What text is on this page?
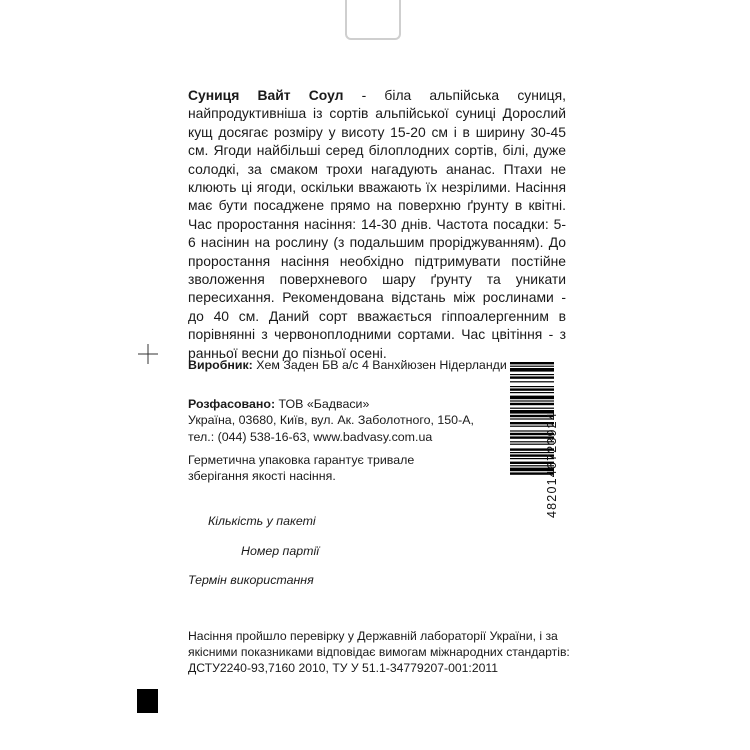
Суниця Вайт Соул - біла альпійська суниця, найпродуктивніша із сортів альпійської суниці Дорослий кущ досягає розміру у висоту 15-20 см і в ширину 30-45 см. Ягоди найбільші серед білоплодних сортів, білі, дуже солодкі, за смаком трохи нагадують ананас. Птахи не клюють ці ягоди, оскільки вважають їх незрілими. Насіння має бути посаджене прямо на поверхню ґрунту в квітні. Час проростання насіння: 14-30 днів. Частота посадки: 5-6 насінин на рослину (з подальшим проріджуванням). До проростання насіння необхідно підтримувати постійне зволоження поверхневого шару ґрунту та уникати пересихання. Рекомендована відстань між рослинами - до 40 см. Даний сорт вважається гіппоалергенним в порівнянні з червоноплодними сортами. Час цвітіння - з ранньої весни до пізньої осені.

Виробник: Хем Заден БВ а/с 4 Ванхйюзен Нідерланди
Розфасовано: ТОВ «Бадваси»
Україна, 03680, Київ, вул. Ак. Заболотного, 150-А,
тел.: (044) 538-16-63, www.badvasy.com.ua
Герметична упаковка гарантує тривале зберігання якості насіння.
Кількість у пакеті
Номер партії
Термін використання
Насіння пройшло перевірку у Державній лабораторії України, і за якісними показниками відповідає вимогам міжнародних стандартів: ДСТУ2240-93,7160 2010, ТУ У 51.1-34779207-001:2011
4820146723924
